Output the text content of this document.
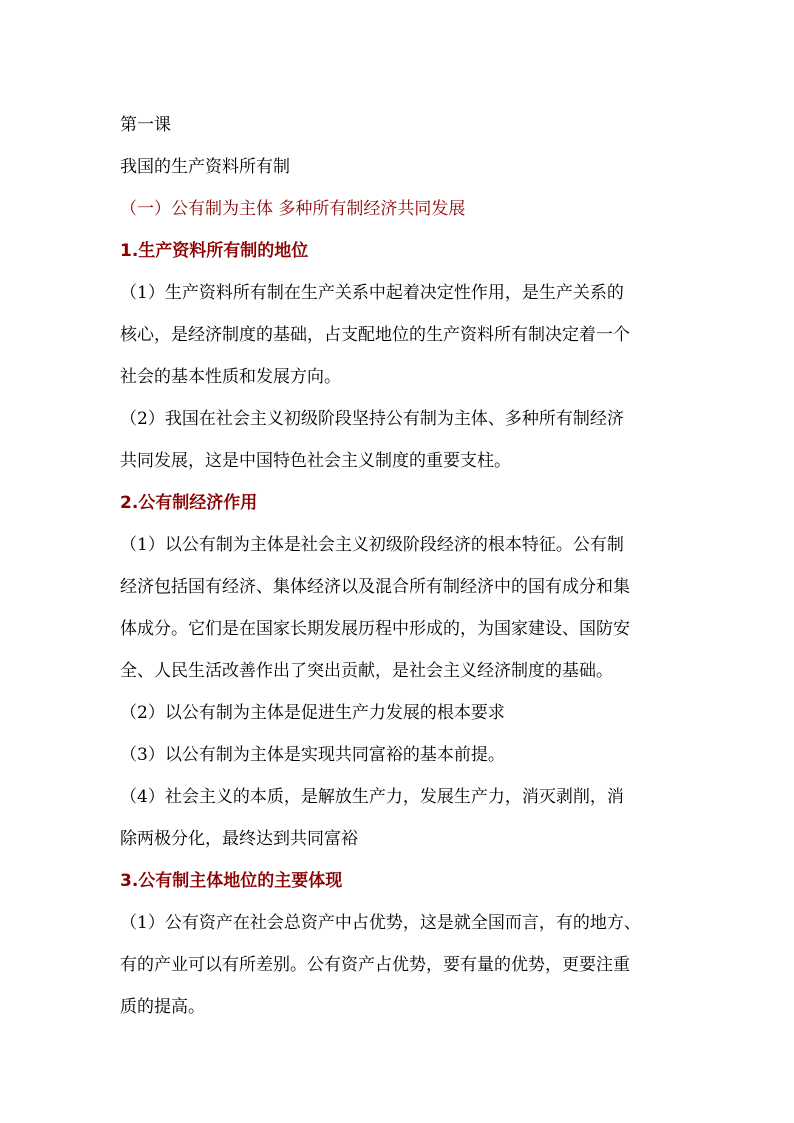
第一课
我国的生产资料所有制
（一）公有制为主体 多种所有制经济共同发展
1.生产资料所有制的地位
（1）生产资料所有制在生产关系中起着决定性作用，是生产关系的
核心，是经济制度的基础，占支配地位的生产资料所有制决定着一个
社会的基本性质和发展方向。
（2）我国在社会主义初级阶段坚持公有制为主体、多种所有制经济
共同发展，这是中国特色社会主义制度的重要支柱。
2.公有制经济作用
（1）以公有制为主体是社会主义初级阶段经济的根本特征。公有制
经济包括国有经济、集体经济以及混合所有制经济中的国有成分和集
体成分。它们是在国家长期发展历程中形成的，为国家建设、国防安
全、人民生活改善作出了突出贡献，是社会主义经济制度的基础。
（2）以公有制为主体是促进生产力发展的根本要求
（3）以公有制为主体是实现共同富裕的基本前提。
（4）社会主义的本质，是解放生产力，发展生产力，消灭剥削，消
除两极分化，最终达到共同富裕
3.公有制主体地位的主要体现
（1）公有资产在社会总资产中占优势，这是就全国而言，有的地方、
有的产业可以有所差别。公有资产占优势，要有量的优势，更要注重
质的提高。
